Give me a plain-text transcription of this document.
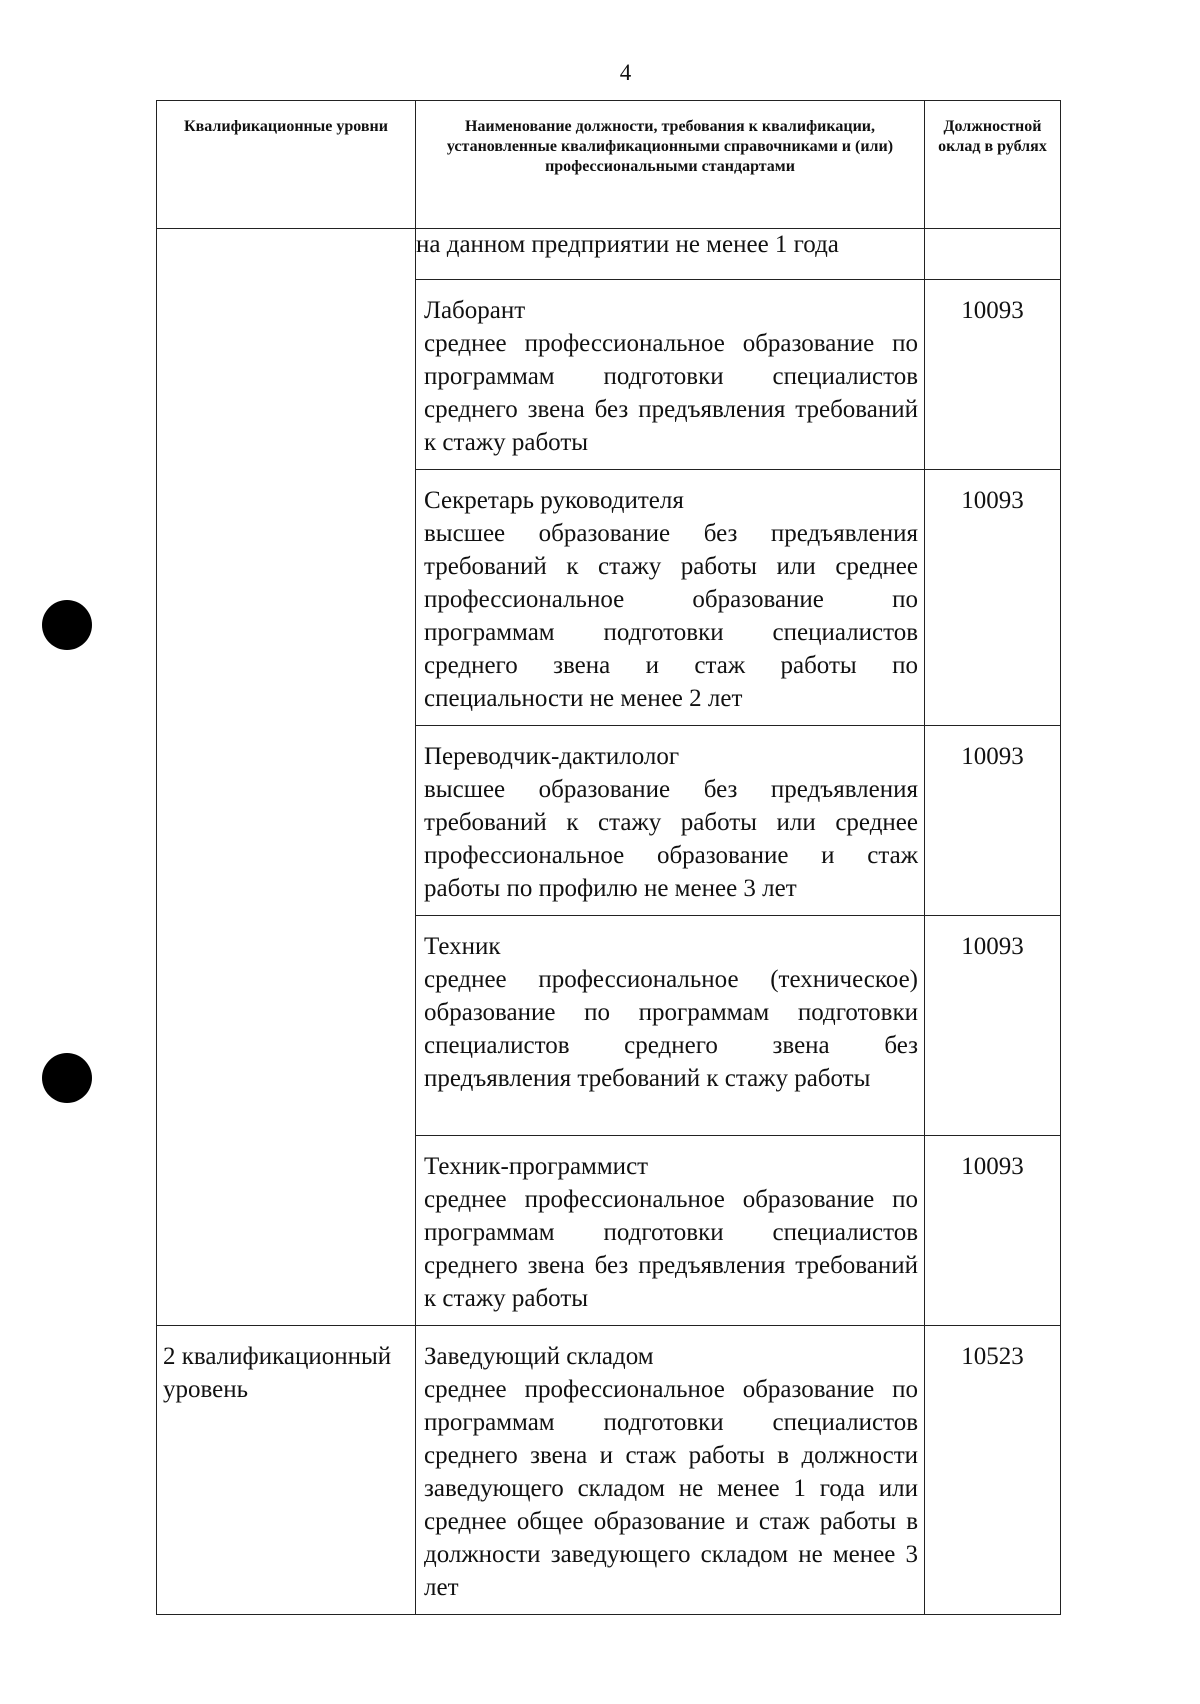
4
Квалификационные уровни	Наименование должности, требования к квалификации, установленные квалификационными справочниками и (или) профессиональными стандартами	Должностной оклад в рублях
	на данном предприятии не менее 1 года	

	Лаборант
среднее профессиональное образование по программам подготовки специалистов среднего звена без предъявления требований к стажу работы	10093

	Секретарь руководителя
высшее образование без предъявления требований к стажу работы или среднее профессиональное образование по программам подготовки специалистов среднего звена и стаж работы по специальности не менее 2 лет	10093

	Переводчик-дактилолог
высшее образование без предъявления требований к стажу работы или среднее профессиональное образование и стаж работы по профилю не менее 3 лет	10093

	Техник
среднее профессиональное (техническое) образование по программам подготовки специалистов среднего звена без предъявления требований к стажу работы	10093

	Техник-программист
среднее профессиональное образование по программам подготовки специалистов среднего звена без предъявления требований к стажу работы	10093
2 квалификационный уровень	Заведующий складом
среднее профессиональное образование по программам подготовки специалистов среднего звена и стаж работы в должности заведующего складом не менее 1 года или среднее общее образование и стаж работы в должности заведующего складом не менее 3 лет	10523
